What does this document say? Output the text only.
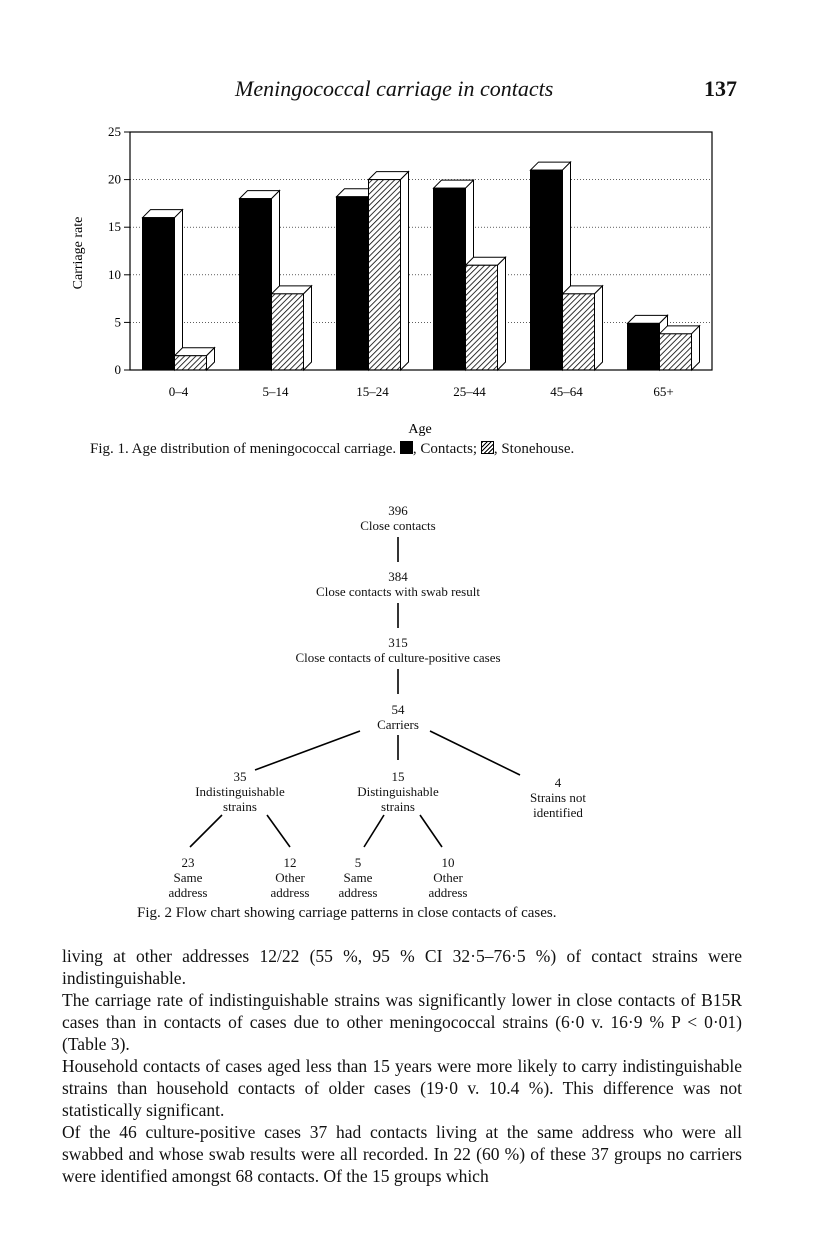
Meningococcal carriage in contacts	137
0
5
10
15
20
25
0–4	5–14	15–24	25–44	45–64	65+
Carriage rate
Age
Fig. 1. Age distribution of meningococcal carriage. , Contacts; , Stonehouse.
396
Close contacts
384
Close contacts with swab result
315
Close contacts of culture-positive cases
54
Carriers
35
Indistinguishable
strains
15
Distinguishable
strains
4
Strains not
identified
23
Same
address
12
Other
address
5
Same
address
10
Other
address
Fig. 2 Flow chart showing carriage patterns in close contacts of cases.

living at other addresses 12/22 (55 %, 95 % CI 32·5–76·5 %) of contact strains were indistinguishable.

The carriage rate of indistinguishable strains was significantly lower in close contacts of B15R cases than in contacts of cases due to other meningococcal strains (6·0 v. 16·9 % P < 0·01) (Table 3).

Household contacts of cases aged less than 15 years were more likely to carry indistinguishable strains than household contacts of older cases (19·0 v. 10.4 %). This difference was not statistically significant.

Of the 46 culture-positive cases 37 had contacts living at the same address who were all swabbed and whose swab results were all recorded. In 22 (60 %) of these 37 groups no carriers were identified amongst 68 contacts. Of the 15 groups which
